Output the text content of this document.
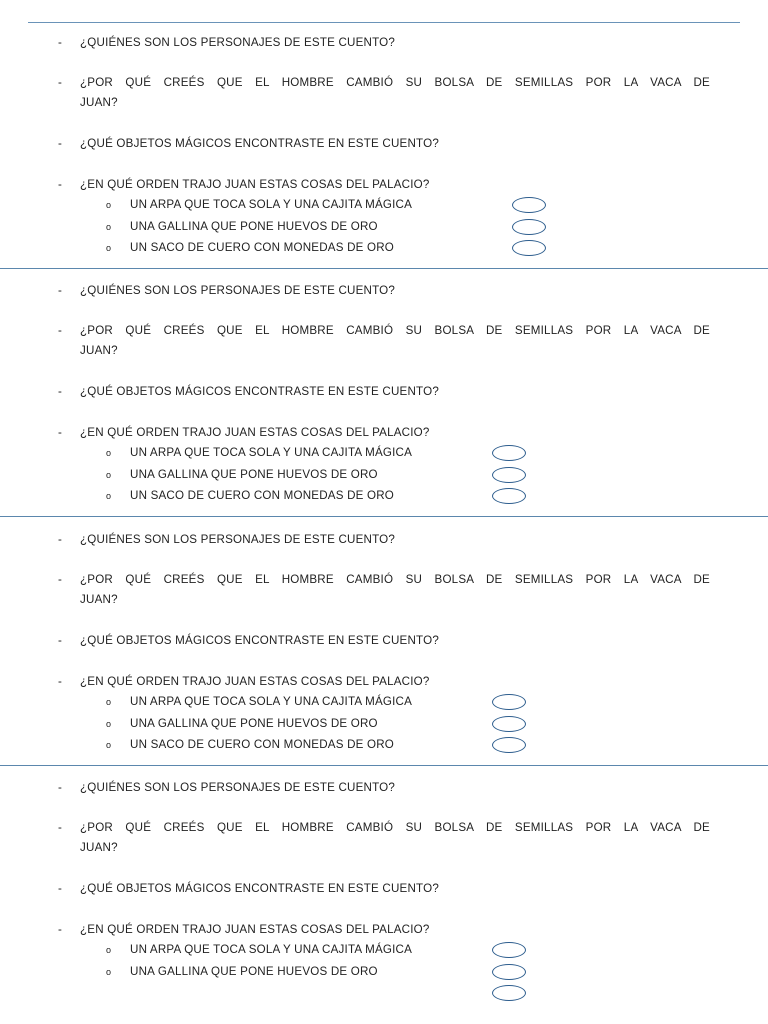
- ¿QUIÉNES SON LOS PERSONAJES DE ESTE CUENTO?
- ¿POR QUÉ CREÉS QUE EL HOMBRE CAMBIÓ SU BOLSA DE SEMILLAS POR LA VACA DE
JUAN?
- ¿QUÉ OBJETOS MÁGICOS ENCONTRASTE EN ESTE CUENTO?
- ¿EN QUÉ ORDEN TRAJO JUAN ESTAS COSAS DEL PALACIO?
o UN ARPA QUE TOCA SOLA Y UNA CAJITA MÁGICA
o UNA GALLINA QUE PONE HUEVOS DE ORO
o UN SACO DE CUERO CON MONEDAS DE ORO
- ¿QUIÉNES SON LOS PERSONAJES DE ESTE CUENTO?
- ¿POR QUÉ CREÉS QUE EL HOMBRE CAMBIÓ SU BOLSA DE SEMILLAS POR LA VACA DE
JUAN?
- ¿QUÉ OBJETOS MÁGICOS ENCONTRASTE EN ESTE CUENTO?
- ¿EN QUÉ ORDEN TRAJO JUAN ESTAS COSAS DEL PALACIO?
o UN ARPA QUE TOCA SOLA Y UNA CAJITA MÁGICA
o UNA GALLINA QUE PONE HUEVOS DE ORO
o UN SACO DE CUERO CON MONEDAS DE ORO
- ¿QUIÉNES SON LOS PERSONAJES DE ESTE CUENTO?
- ¿POR QUÉ CREÉS QUE EL HOMBRE CAMBIÓ SU BOLSA DE SEMILLAS POR LA VACA DE
JUAN?
- ¿QUÉ OBJETOS MÁGICOS ENCONTRASTE EN ESTE CUENTO?
- ¿EN QUÉ ORDEN TRAJO JUAN ESTAS COSAS DEL PALACIO?
o UN ARPA QUE TOCA SOLA Y UNA CAJITA MÁGICA
o UNA GALLINA QUE PONE HUEVOS DE ORO
o UN SACO DE CUERO CON MONEDAS DE ORO
- ¿QUIÉNES SON LOS PERSONAJES DE ESTE CUENTO?
- ¿POR QUÉ CREÉS QUE EL HOMBRE CAMBIÓ SU BOLSA DE SEMILLAS POR LA VACA DE
JUAN?
- ¿QUÉ OBJETOS MÁGICOS ENCONTRASTE EN ESTE CUENTO?
- ¿EN QUÉ ORDEN TRAJO JUAN ESTAS COSAS DEL PALACIO?
o UN ARPA QUE TOCA SOLA Y UNA CAJITA MÁGICA
o UNA GALLINA QUE PONE HUEVOS DE ORO
